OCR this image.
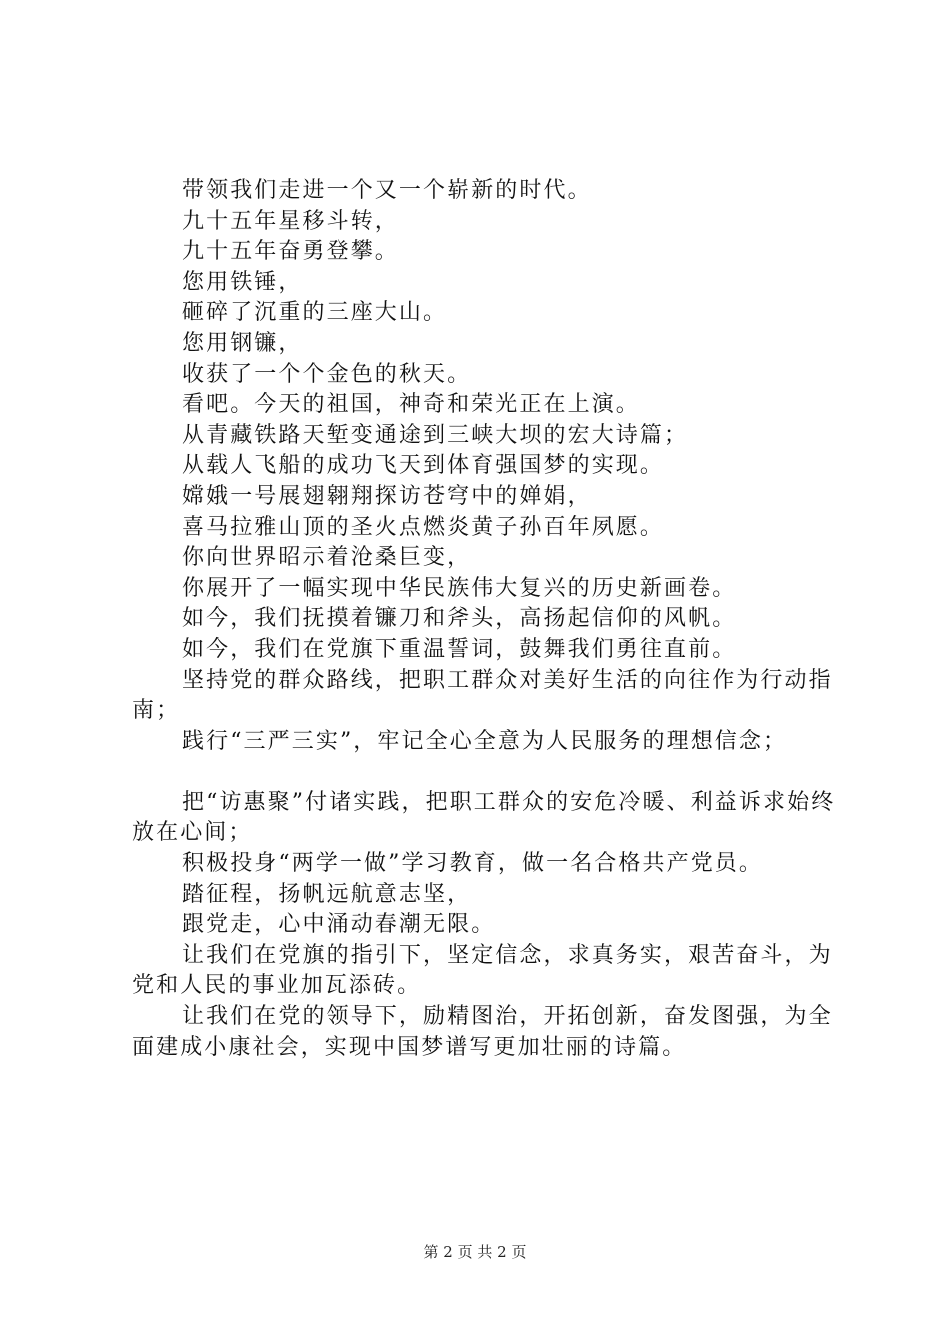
带领我们走进一个又一个崭新的时代。

九十五年星移斗转，

九十五年奋勇登攀。

您用铁锤，

砸碎了沉重的三座大山。

您用钢镰，

收获了一个个金色的秋天。

看吧。今天的祖国，神奇和荣光正在上演。

从青藏铁路天堑变通途到三峡大坝的宏大诗篇；

从载人飞船的成功飞天到体育强国梦的实现。

嫦娥一号展翅翱翔探访苍穹中的婵娟，

喜马拉雅山顶的圣火点燃炎黄子孙百年夙愿。

你向世界昭示着沧桑巨变，

你展开了一幅实现中华民族伟大复兴的历史新画卷。

如今，我们抚摸着镰刀和斧头，高扬起信仰的风帆。

如今，我们在党旗下重温誓词，鼓舞我们勇往直前。

坚持党的群众路线，把职工群众对美好生活的向往作为行动指南；

践行“三严三实”，牢记全心全意为人民服务的理想信念；

把“访惠聚”付诸实践，把职工群众的安危冷暖、利益诉求始终放在心间；

积极投身“两学一做”学习教育，做一名合格共产党员。

踏征程，扬帆远航意志坚，

跟党走，心中涌动春潮无限。

让我们在党旗的指引下，坚定信念，求真务实，艰苦奋斗，为党和人民的事业加瓦添砖。

让我们在党的领导下，励精图治，开拓创新，奋发图强，为全面建成小康社会，实现中国梦谱写更加壮丽的诗篇。

第 2 页 共 2 页
